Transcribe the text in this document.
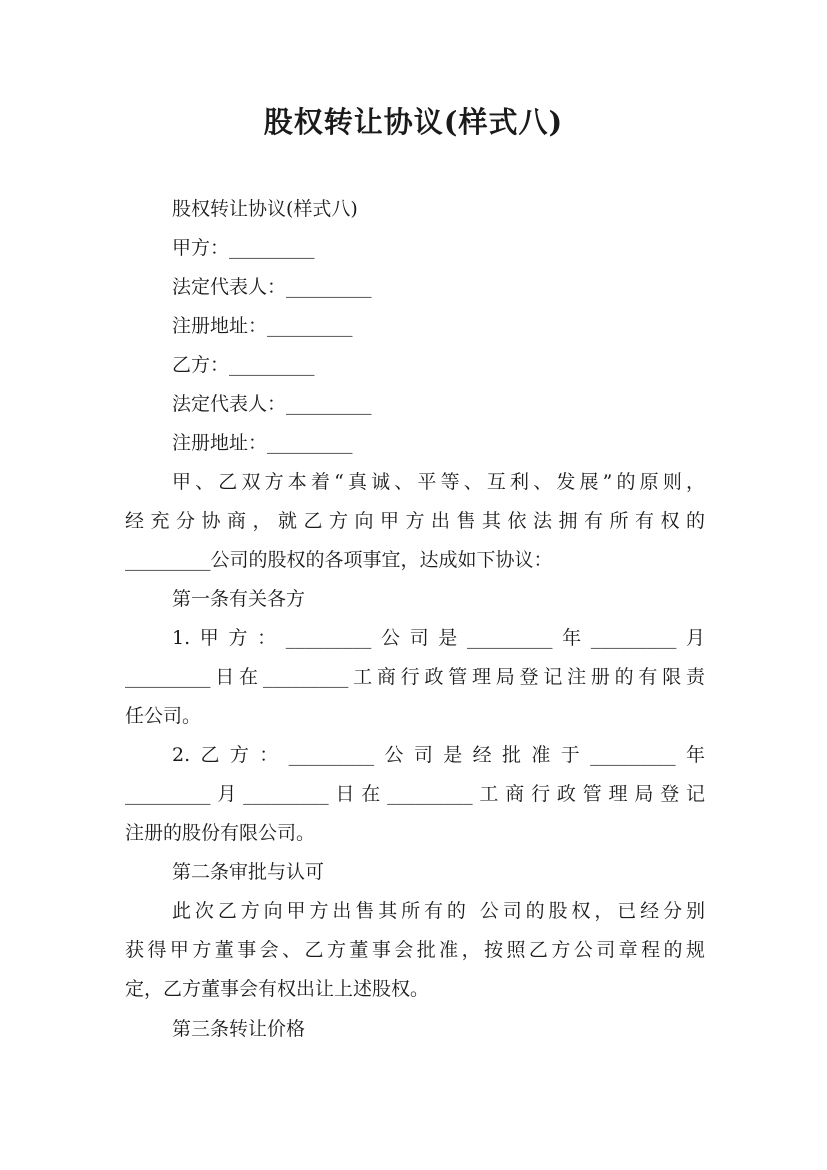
股权转让协议(样式八)

股权转让协议(样式八)

甲方：_________

法定代表人：_________

注册地址：_________

乙方：_________

法定代表人：_________

注册地址：_________

甲、乙双方本着“真诚、平等、互利、发展”的原则，

经充分协商，就乙方向甲方出售其依法拥有所有权的

_________公司的股权的各项事宜，达成如下协议：

第一条有关各方

1.甲方：_________公司是_________年_________月

_________日在_________工商行政管理局登记注册的有限责

任公司。

2.乙方：_________公司是经批准于_________年

_________月_________日在_________工商行政管理局登记

注册的股份有限公司。

第二条审批与认可

此次乙方向甲方出售其所有的 公司的股权，已经分别

获得甲方董事会、乙方董事会批准，按照乙方公司章程的规

定，乙方董事会有权出让上述股权。

第三条转让价格
